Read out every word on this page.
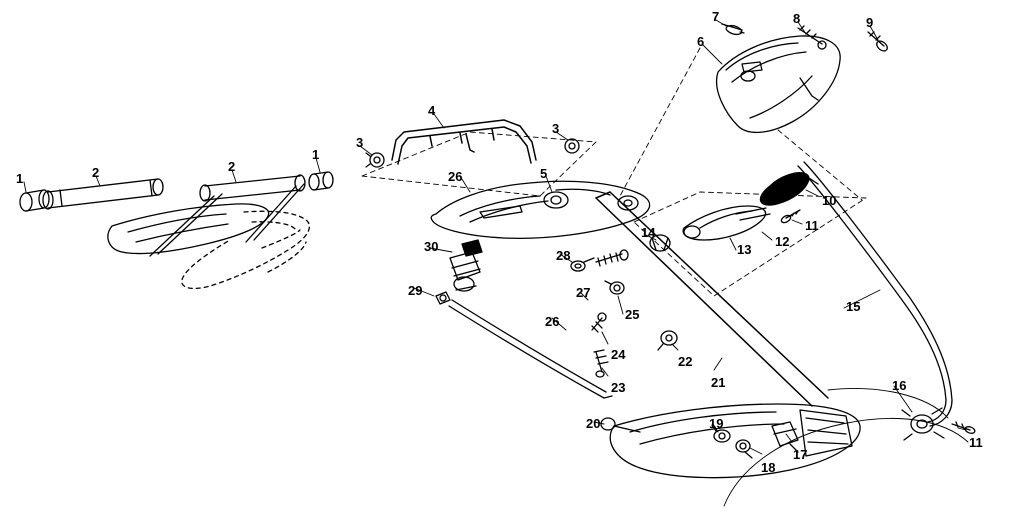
1	2	2
1
3
4
3
26	5
7	8	9
6
10
11
12
13
14
15
30
29
28
27
26	25
24
23
22
21	16
11
20	19
18
17
